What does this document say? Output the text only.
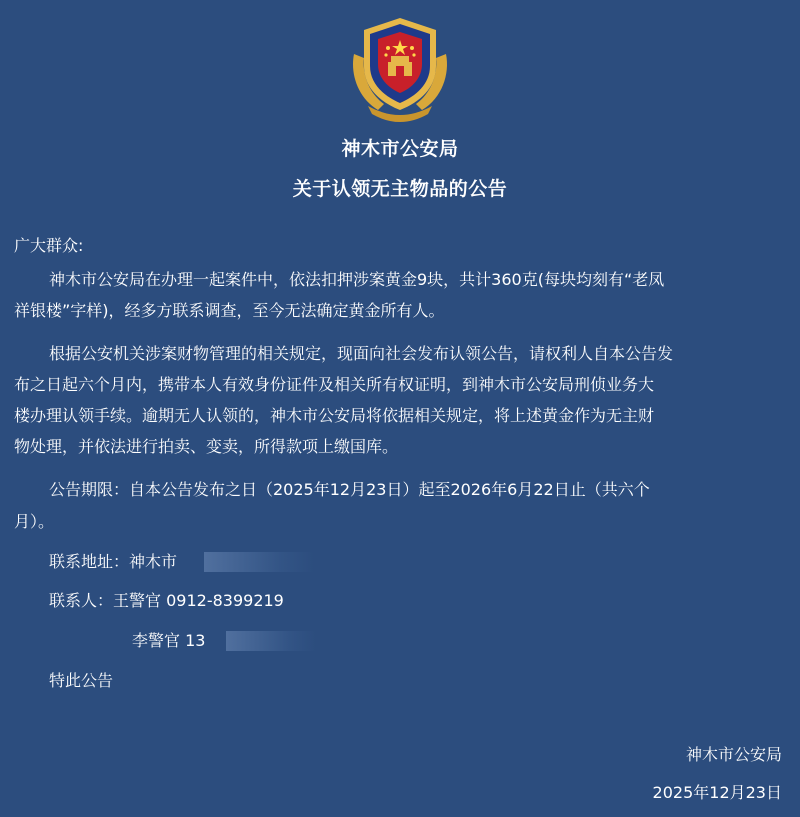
神木市公安局
关于认领无主物品的公告
广大群众:
神木市公安局在办理一起案件中，依法扣押涉案黄金9块，共计360克(每块均刻有“老凤
祥银楼”字样)，经多方联系调查，至今无法确定黄金所有人。
根据公安机关涉案财物管理的相关规定，现面向社会发布认领公告，请权利人自本公告发
布之日起六个月内，携带本人有效身份证件及相关所有权证明，到神木市公安局刑侦业务大
楼办理认领手续。逾期无人认领的，神木市公安局将依据相关规定，将上述黄金作为无主财
物处理，并依法进行拍卖、变卖，所得款项上缴国库。
公告期限：自本公告发布之日（2025年12月23日）起至2026年6月22日止（共六个
月）。
联系地址：神木市
联系人：王警官 0912-8399219
李警官 13
特此公告
神木市公安局
2025年12月23日
